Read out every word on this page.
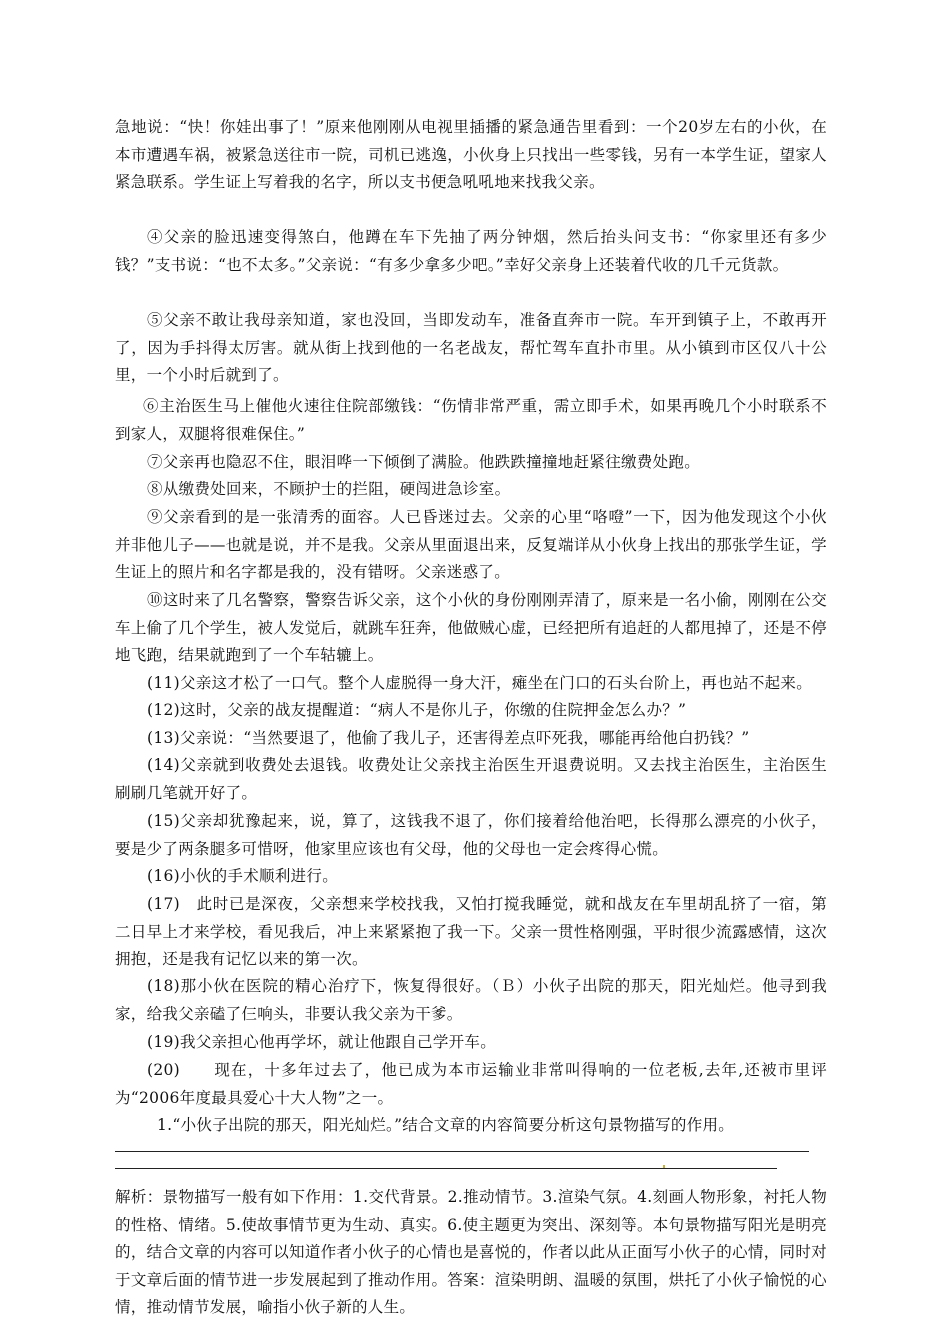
急地说：“快！你娃出事了！”原来他刚刚从电视里插播的紧急通告里看到：一个20岁左右的小伙，在本市遭遇车祸，被紧急送往市一院，司机已逃逸，小伙身上只找出一些零钱，另有一本学生证，望家人紧急联系。学生证上写着我的名字，所以支书便急吼吼地来找我父亲。

④父亲的脸迅速变得煞白，他蹲在车下先抽了两分钟烟，然后抬头问支书：“你家里还有多少钱？”支书说：“也不太多。”父亲说：“有多少拿多少吧。”幸好父亲身上还装着代收的几千元货款。

⑤父亲不敢让我母亲知道，家也没回，当即发动车，准备直奔市一院。车开到镇子上，不敢再开了，因为手抖得太厉害。就从街上找到他的一名老战友，帮忙驾车直扑市里。从小镇到市区仅八十公里，一个小时后就到了。

⑥主治医生马上催他火速往住院部缴钱：“伤情非常严重，需立即手术，如果再晚几个小时联系不到家人，双腿将很难保住。”

⑦父亲再也隐忍不住，眼泪哗一下倾倒了满脸。他跌跌撞撞地赶紧往缴费处跑。

⑧从缴费处回来，不顾护士的拦阻，硬闯进急诊室。

⑨父亲看到的是一张清秀的面容。人已昏迷过去。父亲的心里“咯噔”一下，因为他发现这个小伙并非他儿子——也就是说，并不是我。父亲从里面退出来，反复端详从小伙身上找出的那张学生证，学生证上的照片和名字都是我的，没有错呀。父亲迷惑了。

⑩这时来了几名警察，警察告诉父亲，这个小伙的身份刚刚弄清了，原来是一名小偷，刚刚在公交车上偷了几个学生，被人发觉后，就跳车狂奔，他做贼心虚，已经把所有追赶的人都甩掉了，还是不停地飞跑，结果就跑到了一个车轱辘上。

(11)父亲这才松了一口气。整个人虚脱得一身大汗，瘫坐在门口的石头台阶上，再也站不起来。

(12)这时，父亲的战友提醒道：“病人不是你儿子，你缴的住院押金怎么办？”

(13)父亲说：“当然要退了，他偷了我儿子，还害得差点吓死我，哪能再给他白扔钱？”

(14)父亲就到收费处去退钱。收费处让父亲找主治医生开退费说明。又去找主治医生，主治医生刷刷几笔就开好了。

(15)父亲却犹豫起来，说，算了，这钱我不退了，你们接着给他治吧，长得那么漂亮的小伙子，要是少了两条腿多可惜呀，他家里应该也有父母，他的父母也一定会疼得心慌。

(16)小伙的手术顺利进行。

(17)　此时已是深夜，父亲想来学校找我，又怕打搅我睡觉，就和战友在车里胡乱挤了一宿，第二日早上才来学校，看见我后，冲上来紧紧抱了我一下。父亲一贯性格刚强，平时很少流露感情，这次拥抱，还是我有记忆以来的第一次。

(18)那小伙在医院的精心治疗下，恢复得很好。（Ｂ）小伙子出院的那天，阳光灿烂。他寻到我家，给我父亲磕了仨响头，非要认我父亲为干爹。

(19)我父亲担心他再学坏，就让他跟自己学开车。

(20)　　现在，十多年过去了，他已成为本市运输业非常叫得响的一位老板,去年,还被市里评为“2006年度最具爱心十大人物”之一。

1.“小伙子出院的那天，阳光灿烂。”结合文章的内容简要分析这句景物描写的作用。

解析：景物描写一般有如下作用：1.交代背景。2.推动情节。3.渲染气氛。4.刻画人物形象，衬托人物的性格、情绪。5.使故事情节更为生动、真实。6.使主题更为突出、深刻等。本句景物描写阳光是明亮的，结合文章的内容可以知道作者小伙子的心情也是喜悦的，作者以此从正面写小伙子的心情，同时对于文章后面的情节进一步发展起到了推动作用。答案：渲染明朗、温暖的氛围，烘托了小伙子愉悦的心情，推动情节发展，喻指小伙子新的人生。
